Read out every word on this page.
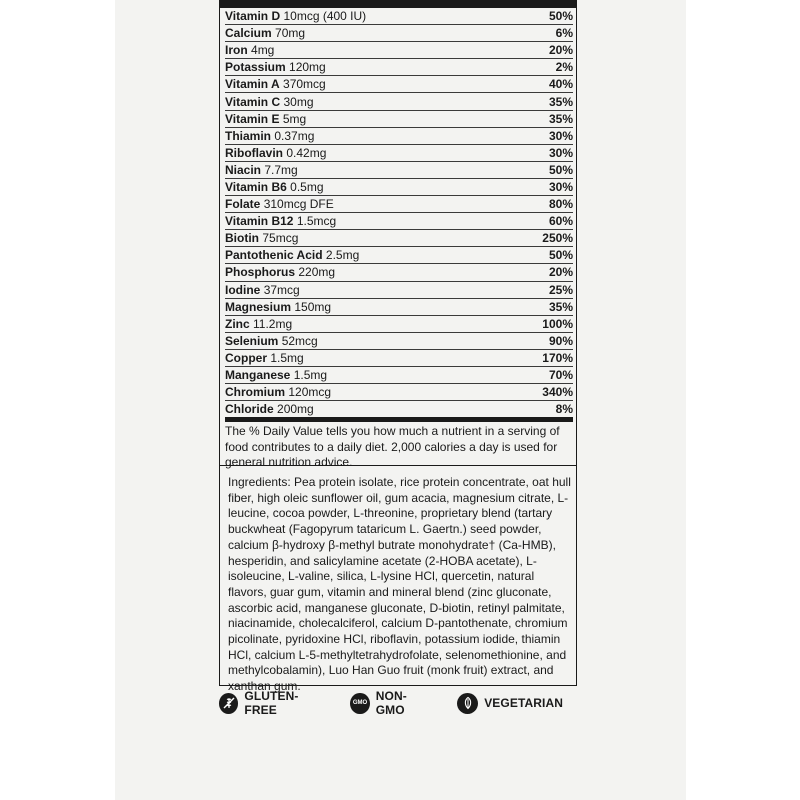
Vitamin D 10mcg (400 IU)	50%
Calcium 70mg	6%
Iron 4mg	20%
Potassium 120mg	2%
Vitamin A 370mcg	40%
Vitamin C 30mg	35%
Vitamin E 5mg	35%
Thiamin 0.37mg	30%
Riboflavin 0.42mg	30%
Niacin 7.7mg	50%
Vitamin B6 0.5mg	30%
Folate 310mcg DFE	80%
Vitamin B12 1.5mcg	60%
Biotin 75mcg	250%
Pantothenic Acid 2.5mg	50%
Phosphorus 220mg	20%
Iodine 37mcg	25%
Magnesium 150mg	35%
Zinc 11.2mg	100%
Selenium 52mcg	90%
Copper 1.5mg	170%
Manganese 1.5mg	70%
Chromium 120mcg	340%
Chloride 200mg	8%
The % Daily Value tells you how much a nutrient in a serving of food contributes to a daily diet. 2,000 calories a day is used for general nutrition advice.
Ingredients: Pea protein isolate, rice protein concentrate, oat hull fiber, high oleic sunflower oil, gum acacia, magnesium citrate, L-leucine, cocoa powder, L-threonine, proprietary blend (tartary buckwheat (Fagopyrum tataricum L. Gaertn.) seed powder, calcium β-hydroxy β-methyl butrate monohydrate† (Ca-HMB), hesperidin, and salicylamine acetate (2-HOBA acetate), L-isoleucine, L-valine, silica, L-lysine HCl, quercetin, natural flavors, guar gum, vitamin and mineral blend (zinc gluconate, ascorbic acid, manganese gluconate, D-biotin, retinyl palmitate, niacinamide, cholecalciferol, calcium D-pantothenate, chromium picolinate, pyridoxine HCl, riboflavin, potassium iodide, thiamin HCl, calcium L-5-methyltetrahydrofolate, selenomethionine, and methylcobalamin), Luo Han Guo fruit (monk fruit) extract, and xanthan gum.
GLUTEN-FREE	GMO NON-GMO	VEGETARIAN
